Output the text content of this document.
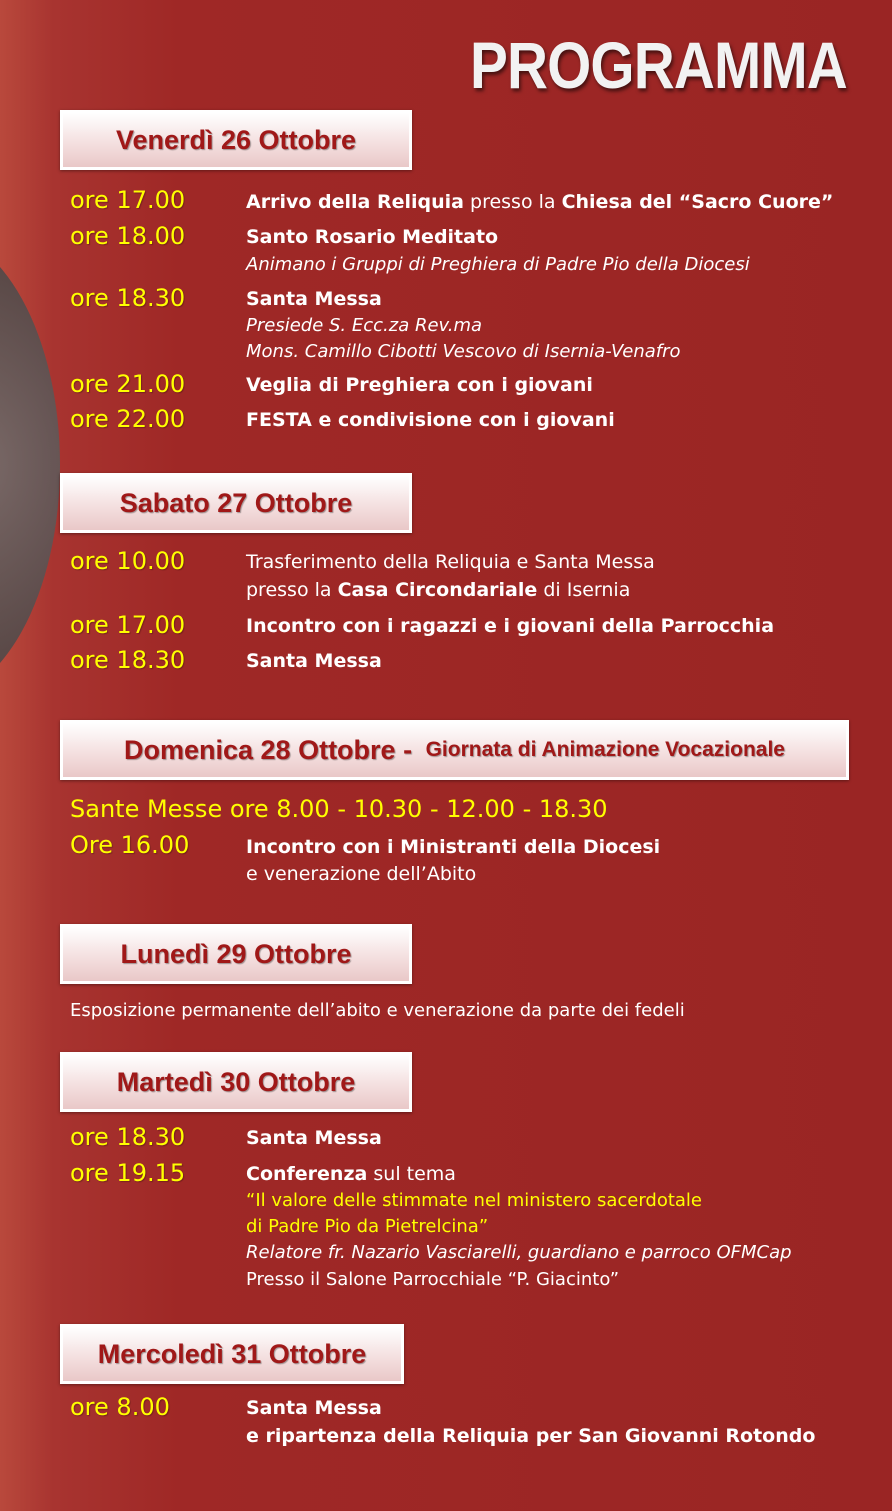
PROGRAMMA
Venerdì 26 Ottobre
ore 17.00	Arrivo della Reliquia presso la Chiesa del “Sacro Cuore”
ore 18.00	Santo Rosario Meditato
Animano i Gruppi di Preghiera di Padre Pio della Diocesi
ore 18.30	Santa Messa
Presiede S. Ecc.za Rev.ma
Mons. Camillo Cibotti Vescovo di Isernia-Venafro
ore 21.00	Veglia di Preghiera con i giovani
ore 22.00	FESTA e condivisione con i giovani
Sabato 27 Ottobre
ore 10.00	Trasferimento della Reliquia e Santa Messa
presso la Casa Circondariale di Isernia
ore 17.00	Incontro con i ragazzi e i giovani della Parrocchia
ore 18.30	Santa Messa
Domenica 28 Ottobre - Giornata di Animazione Vocazionale
Sante Messe ore 8.00 - 10.30 - 12.00 - 18.30
Ore 16.00	Incontro con i Ministranti della Diocesi
e venerazione dell’Abito
Lunedì 29 Ottobre
Esposizione permanente dell’abito e venerazione da parte dei fedeli
Martedì 30 Ottobre
ore 18.30	Santa Messa
ore 19.15	Conferenza sul tema
“Il valore delle stimmate nel ministero sacerdotale
di Padre Pio da Pietrelcina”
Relatore fr. Nazario Vasciarelli, guardiano e parroco OFMCap
Presso il Salone Parrocchiale “P. Giacinto”
Mercoledì 31 Ottobre
ore 8.00	Santa Messa
e ripartenza della Reliquia per San Giovanni Rotondo
